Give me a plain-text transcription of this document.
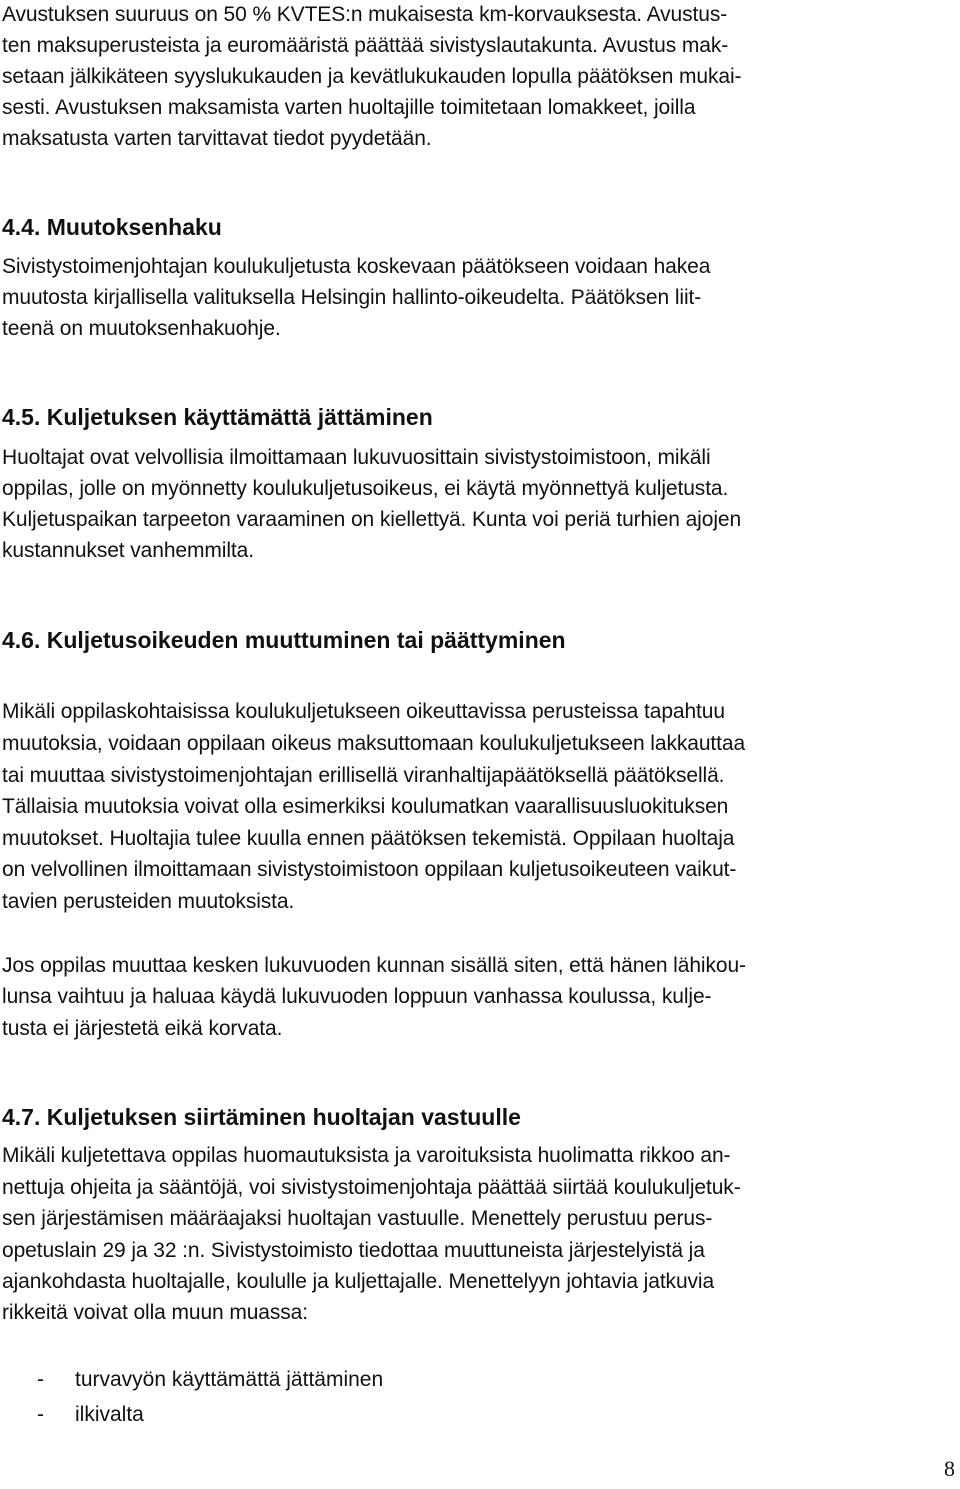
Avustuksen suuruus on 50 % KVTES:n mukaisesta km-korvauksesta. Avustus-
ten maksuperusteista ja euromääristä päättää sivistyslautakunta. Avustus mak-
setaan jälkikäteen syyslukukauden ja kevätlukukauden lopulla päätöksen mukai-
sesti. Avustuksen maksamista varten huoltajille toimitetaan lomakkeet, joilla
maksatusta varten tarvittavat tiedot pyydetään.
4.4. Muutoksenhaku
Sivistystoimenjohtajan koulukuljetusta koskevaan päätökseen voidaan hakea
muutosta kirjallisella valituksella Helsingin hallinto-oikeudelta. Päätöksen liit-
teenä on muutoksenhakuohje.
4.5. Kuljetuksen käyttämättä jättäminen
Huoltajat ovat velvollisia ilmoittamaan lukuvuosittain sivistystoimistoon, mikäli
oppilas, jolle on myönnetty koulukuljetusoikeus, ei käytä myönnettyä kuljetusta.
Kuljetuspaikan tarpeeton varaaminen on kiellettyä. Kunta voi periä turhien ajojen
kustannukset vanhemmilta.
4.6. Kuljetusoikeuden muuttuminen tai päättyminen
Mikäli oppilaskohtaisissa koulukuljetukseen oikeuttavissa perusteissa tapahtuu
muutoksia, voidaan oppilaan oikeus maksuttomaan koulukuljetukseen lakkauttaa
tai muuttaa sivistystoimenjohtajan erillisellä viranhaltijapäätöksellä päätöksellä.
Tällaisia muutoksia voivat olla esimerkiksi koulumatkan vaarallisuusluokituksen
muutokset. Huoltajia tulee kuulla ennen päätöksen tekemistä. Oppilaan huoltaja
on velvollinen ilmoittamaan sivistystoimistoon oppilaan kuljetusoikeuteen vaikut-
tavien perusteiden muutoksista.
Jos oppilas muuttaa kesken lukuvuoden kunnan sisällä siten, että hänen lähikou-
lunsa vaihtuu ja haluaa käydä lukuvuoden loppuun vanhassa koulussa, kulje-
tusta ei järjestetä eikä korvata.
4.7. Kuljetuksen siirtäminen huoltajan vastuulle
Mikäli kuljetettava oppilas huomautuksista ja varoituksista huolimatta rikkoo an-
nettuja ohjeita ja sääntöjä, voi sivistystoimenjohtaja päättää siirtää koulukuljetuk-
sen järjestämisen määräajaksi huoltajan vastuulle. Menettely perustuu perus-
opetuslain 29 ja 32 :n. Sivistystoimisto tiedottaa muuttuneista järjestelyistä ja
ajankohdasta huoltajalle, koululle ja kuljettajalle. Menettelyyn johtavia jatkuvia
rikkeitä voivat olla muun muassa:
- turvavyön käyttämättä jättäminen
- ilkivalta
8
